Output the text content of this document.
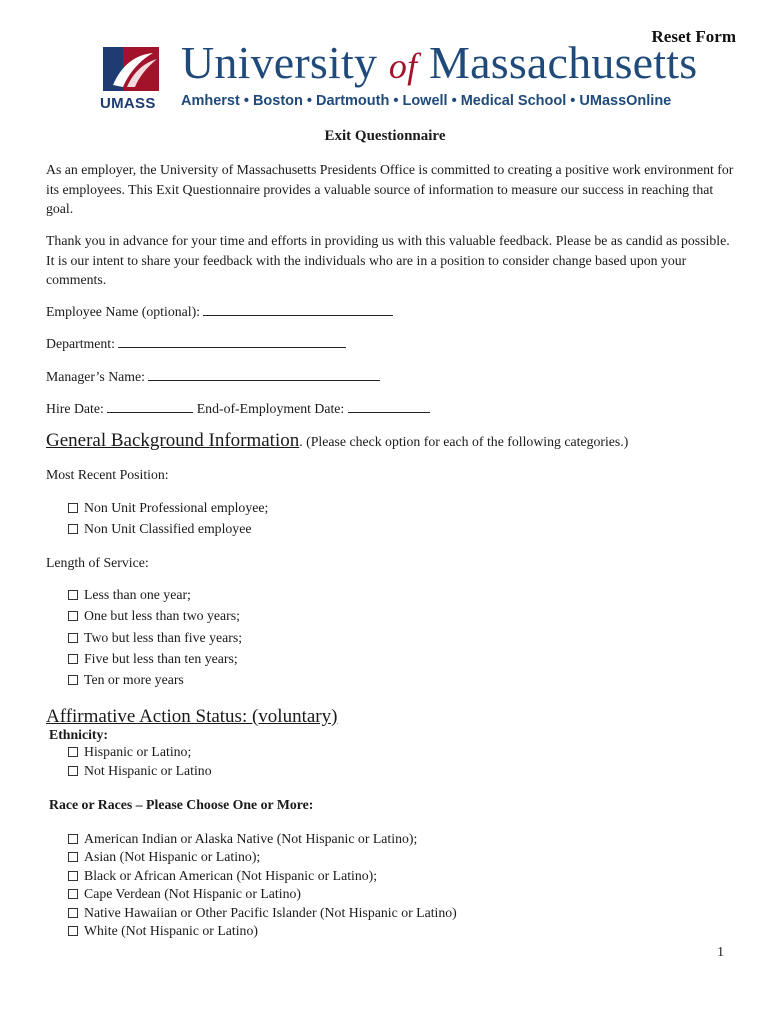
Reset Form
UMASS
University of Massachusetts
Amherst • Boston • Dartmouth • Lowell • Medical School • UMassOnline
Exit Questionnaire
As an employer, the University of Massachusetts Presidents Office is committed to creating a positive work environment for its employees. This Exit Questionnaire provides a valuable source of information to measure our success in reaching that goal.
Thank you in advance for your time and efforts in providing us with this valuable feedback. Please be as candid as possible. It is our intent to share your feedback with the individuals who are in a position to consider change based upon your comments.
Employee Name (optional):
Department:
Manager’s Name:
Hire Date:	End-of-Employment Date:
General Background Information. (Please check option for each of the following categories.)
Most Recent Position:
Non Unit Professional employee;
Non Unit Classified employee
Length of Service:
Less than one year;
One but less than two years;
Two but less than five years;
Five but less than ten years;
Ten or more years
Affirmative Action Status: (voluntary)
Ethnicity:
Hispanic or Latino;
Not Hispanic or Latino
Race or Races – Please Choose One or More:
American Indian or Alaska Native (Not Hispanic or Latino);
Asian (Not Hispanic or Latino);
Black or African American (Not Hispanic or Latino);
Cape Verdean (Not Hispanic or Latino)
Native Hawaiian or Other Pacific Islander (Not Hispanic or Latino)
White (Not Hispanic or Latino)
1
